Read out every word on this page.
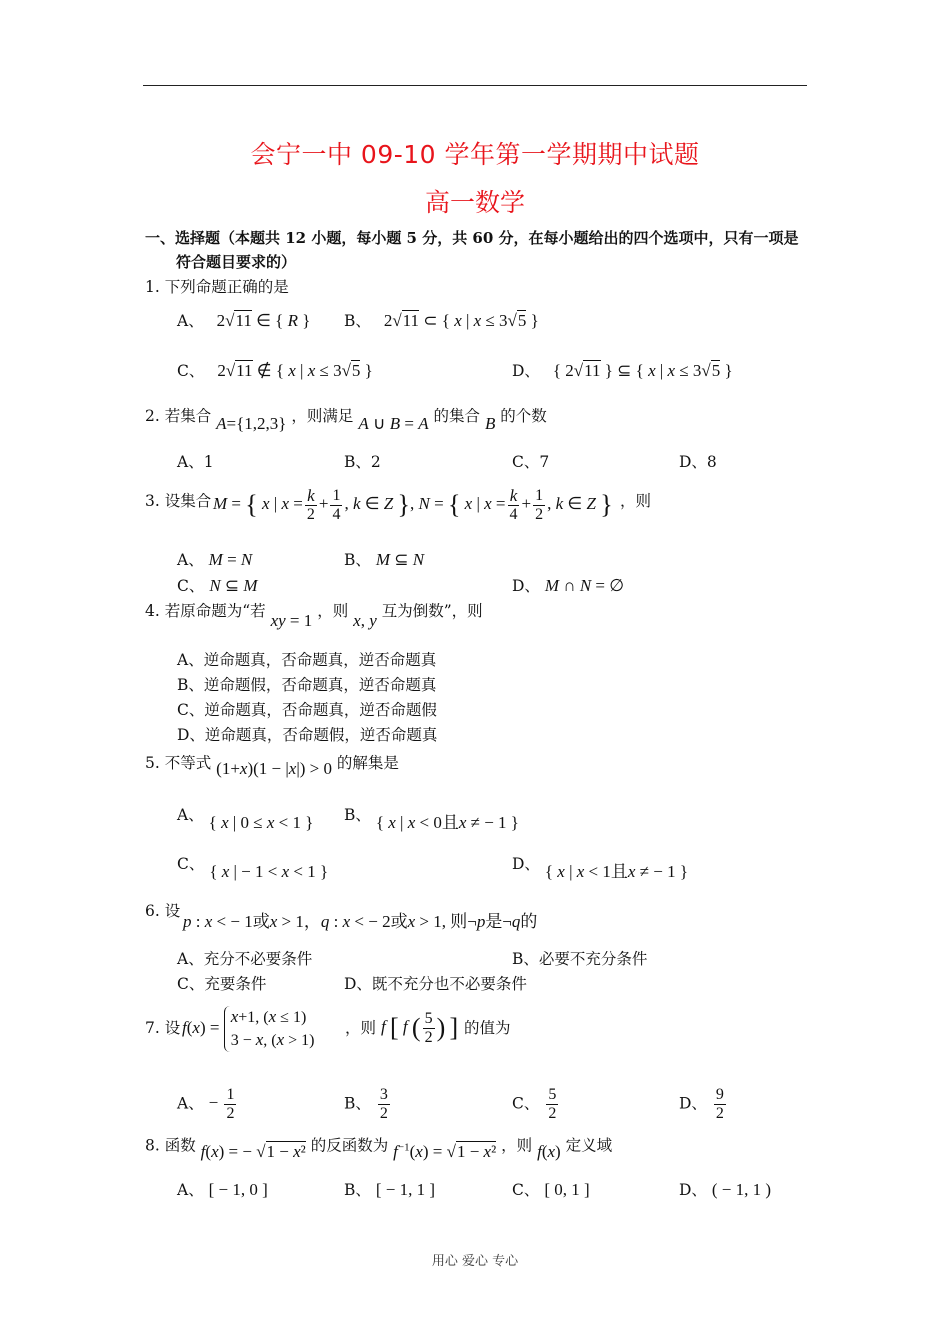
会宁一中 09-10 学年第一学期期中试题
高一数学
一、选择题（本题共 12 小题，每小题 5 分，共 60 分，在每小题给出的四个选项中，只有一项是
符合题目要求的）
1. 下列命题正确的是
A、 2√11 ∈ { R } B、 2√11 ⊂ { x | x ≤ 3√5 }
C、 2√11 ∉ { x | x ≤ 3√5 }	D、 { 2√11 } ⊆ { x | x ≤ 3√5 }
2. 若集合 A={1,2,3} ，则满足 A ∪ B = A 的集合 B 的个数
A、1	B、2	C、7	D、8
3. 设集合 M = { x | $x = \frac{k}{2} + \frac{1}{4}$ , k ∈ Z }, N = { x | $x = \frac{k}{4} + \frac{1}{2}$ , k ∈ Z } ，则
A、 M = N	B、 M ⊆ N
C、 N ⊆ M	D、 M ∩ N = ∅
4. 若原命题为“若 xy = 1 ，则 x, y 互为倒数”，则
A、逆命题真，否命题真，逆否命题真
B、逆命题假，否命题真，逆否命题真
C、逆命题真，否命题真，逆否命题假
D、逆命题真，否命题假，逆否命题真
5. 不等式 (1+x)(1 − |x|) > 0 的解集是
A、 { x | 0 ≤ x < 1 } B、 { x | x < 0且x ≠ − 1 }
C、 { x | − 1 < x < 1 }	D、 { x | x < 1且x ≠ − 1 }
6. 设
p : x < − 1或x > 1，q : x < − 2或x > 1, 则¬p是¬q的
A、充分不必要条件	B、必要不充分条件
C、充要条件	D、既不充分也不必要条件
7. 设 f(x) =
x+1, (x ≤ 1)
3 − x, (x > 1)
，则 f [ f ( $\frac{5}{2}$ ) ] 的值为
A、 − $\frac{1}{2}$	B、 $\frac{3}{2}$	C、 $\frac{5}{2}$	D、 $\frac{9}{2}$
8. 函数 f(x) = − √1 − x² 的反函数为 $f^{-1}(x) = √1 - x^2$ ，则 f(x) 定义域
A、 [ − 1, 0 ]	B、 [ − 1, 1 ]	C、 [ 0, 1 ]	D、 ( − 1, 1 )
用心 爱心 专心
